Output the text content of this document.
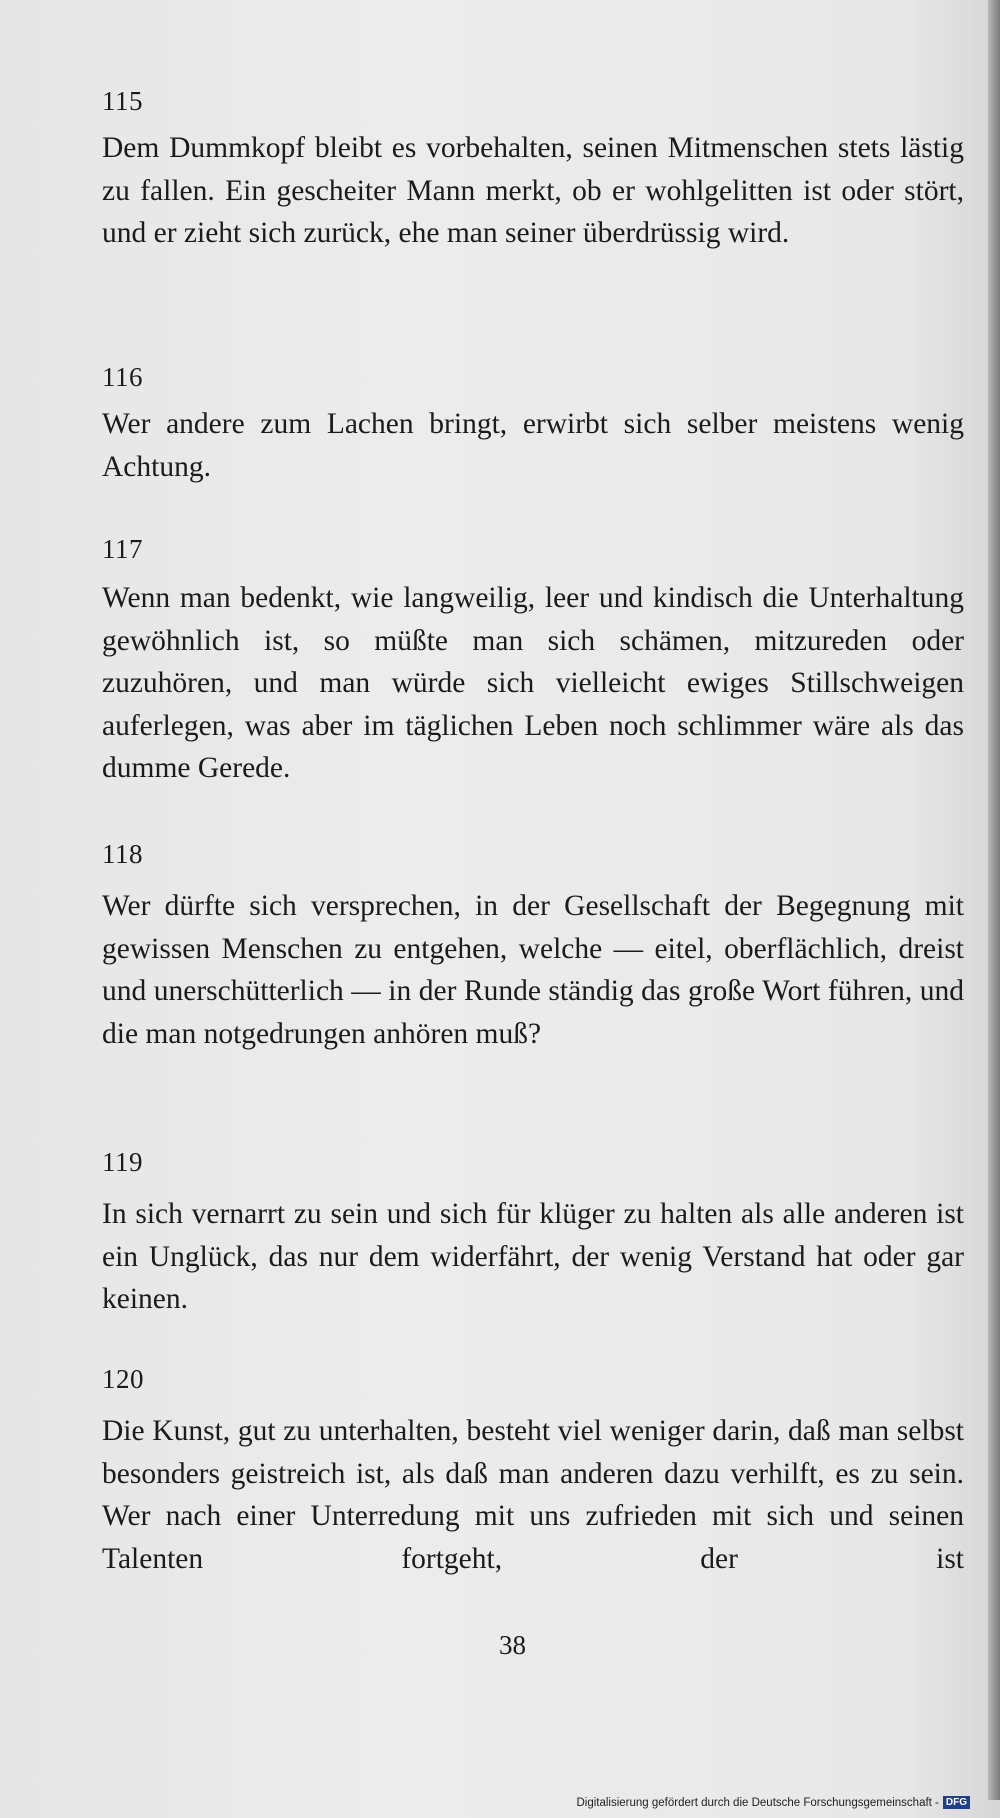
115
Dem Dummkopf bleibt es vorbehalten, seinen Mitmenschen stets lästig zu fallen. Ein gescheiter Mann merkt, ob er wohlgelitten ist oder stört, und er zieht sich zurück, ehe man seiner überdrüssig wird.
116
Wer andere zum Lachen bringt, erwirbt sich selber meistens wenig Achtung.
117
Wenn man bedenkt, wie langweilig, leer und kindisch die Unterhaltung gewöhnlich ist, so müßte man sich schämen, mitzureden oder zuzuhören, und man würde sich vielleicht ewiges Stillschweigen auferlegen, was aber im täglichen Leben noch schlimmer wäre als das dumme Gerede.
118
Wer dürfte sich versprechen, in der Gesellschaft der Begegnung mit gewissen Menschen zu entgehen, welche — eitel, oberflächlich, dreist und unerschütterlich — in der Runde ständig das große Wort führen, und die man notgedrungen anhören muß?
119
In sich vernarrt zu sein und sich für klüger zu halten als alle anderen ist ein Unglück, das nur dem widerfährt, der wenig Verstand hat oder gar keinen.
120
Die Kunst, gut zu unterhalten, besteht viel weniger darin, daß man selbst besonders geistreich ist, als daß man anderen dazu verhilft, es zu sein. Wer nach einer Unterredung mit uns zufrieden mit sich und seinen Talenten fortgeht, der ist
38
Digitalisierung gefördert durch die Deutsche Forschungsgemeinschaft - DFG
